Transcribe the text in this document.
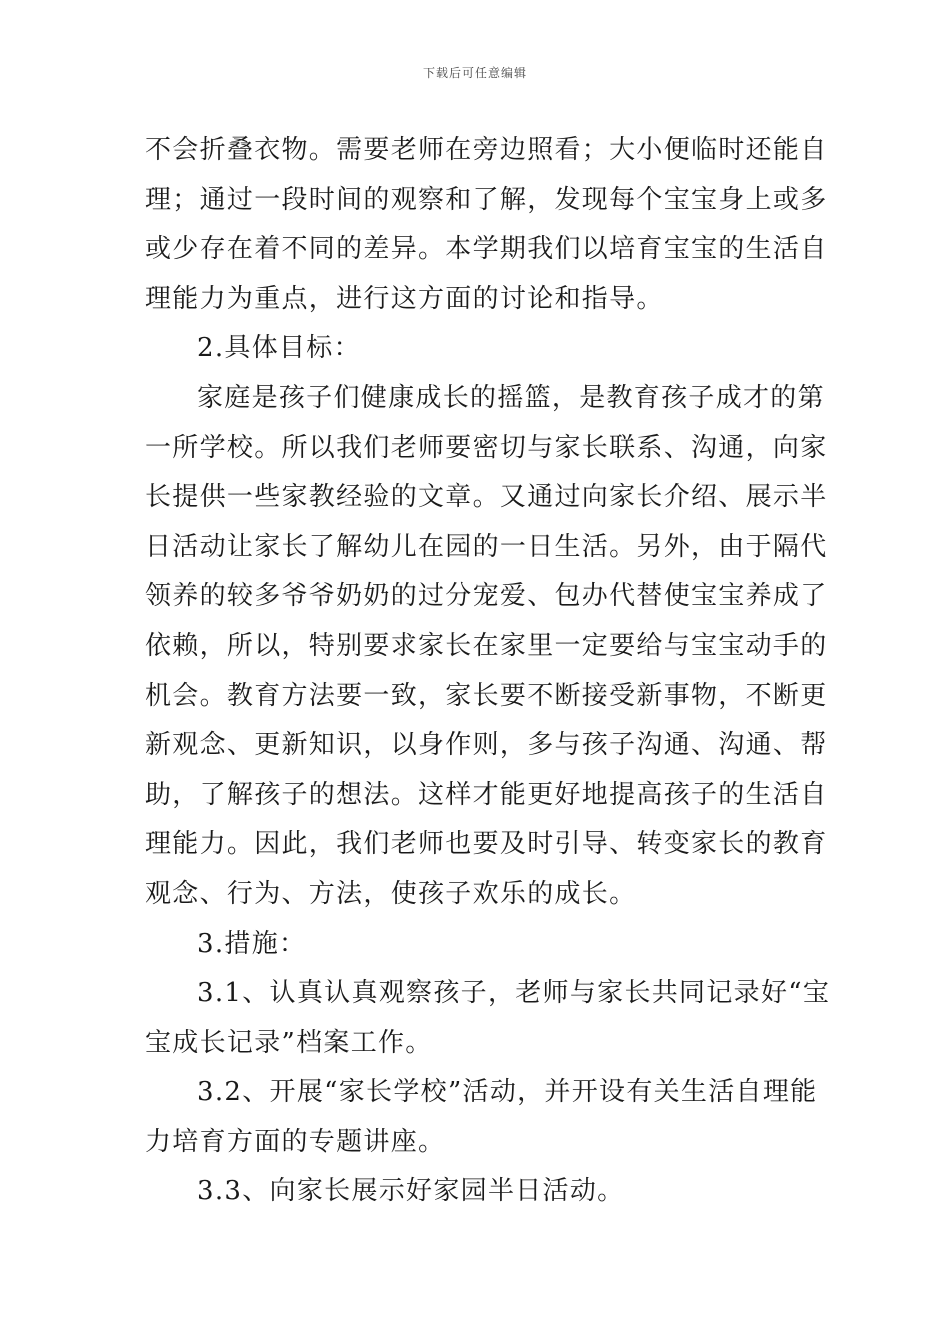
下载后可任意编辑
不会折叠衣物。需要老师在旁边照看；大小便临时还能自
理；通过一段时间的观察和了解，发现每个宝宝身上或多
或少存在着不同的差异。本学期我们以培育宝宝的生活自
理能力为重点，进行这方面的讨论和指导。
2.具体目标：
家庭是孩子们健康成长的摇篮，是教育孩子成才的第
一所学校。所以我们老师要密切与家长联系、沟通，向家
长提供一些家教经验的文章。又通过向家长介绍、展示半
日活动让家长了解幼儿在园的一日生活。另外，由于隔代
领养的较多爷爷奶奶的过分宠爱、包办代替使宝宝养成了
依赖，所以，特别要求家长在家里一定要给与宝宝动手的
机会。教育方法要一致，家长要不断接受新事物，不断更
新观念、更新知识，以身作则，多与孩子沟通、沟通、帮
助，了解孩子的想法。这样才能更好地提高孩子的生活自
理能力。因此，我们老师也要及时引导、转变家长的教育
观念、行为、方法，使孩子欢乐的成长。
3.措施：
3.1、认真认真观察孩子，老师与家长共同记录好“宝
宝成长记录”档案工作。
3.2、开展“家长学校”活动，并开设有关生活自理能
力培育方面的专题讲座。
3.3、向家长展示好家园半日活动。
